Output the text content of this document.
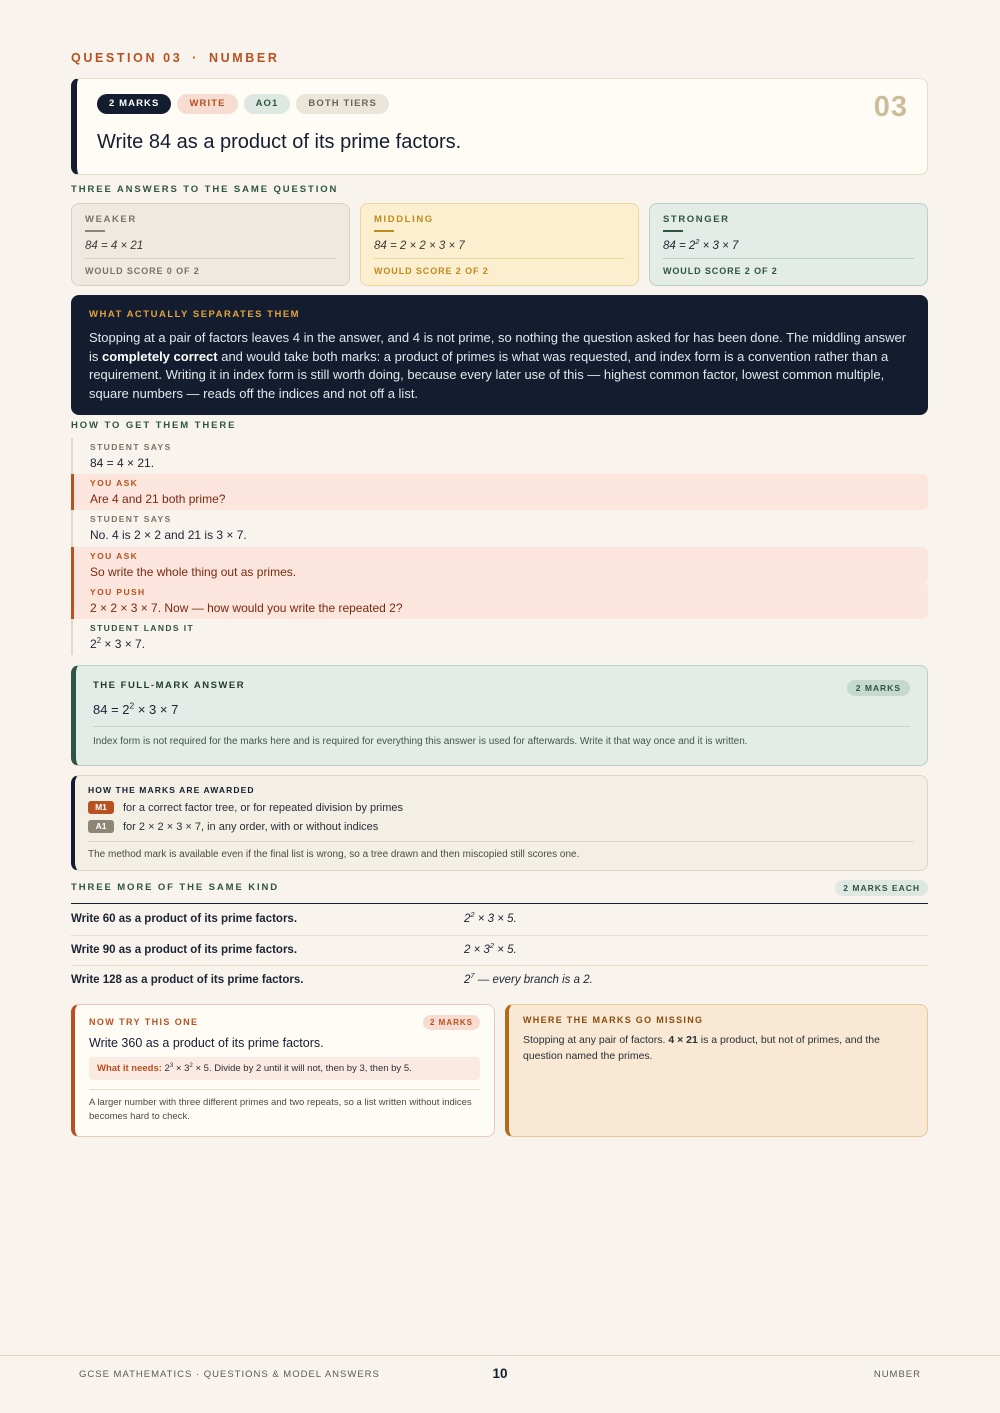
QUESTION 03 · NUMBER
2 MARKS	WRITE	AO1	BOTH TIERS
Write 84 as a product of its prime factors.
03
THREE ANSWERS TO THE SAME QUESTION
WEAKER
84 = 4 × 21
WOULD SCORE 0 OF 2
MIDDLING
84 = 2 × 2 × 3 × 7
WOULD SCORE 2 OF 2
STRONGER
$84 = 2^2 \times 3 \times 7$
WOULD SCORE 2 OF 2
WHAT ACTUALLY SEPARATES THEM
Stopping at a pair of factors leaves 4 in the answer, and 4 is not prime, so nothing the question asked for has been done. The middling answer is completely correct and would take both marks: a product of primes is what was requested, and index form is a convention rather than a requirement. Writing it in index form is still worth doing, because every later use of this — highest common factor, lowest common multiple, square numbers — reads off the indices and not off a list.
HOW TO GET THEM THERE
STUDENT SAYS
84 = 4 × 21.
YOU ASK
Are 4 and 21 both prime?
STUDENT SAYS
No. 4 is 2 × 2 and 21 is 3 × 7.
YOU ASK
So write the whole thing out as primes.
YOU PUSH
2 × 2 × 3 × 7. Now — how would you write the repeated 2?
STUDENT LANDS IT
$2^2 \times 3 \times 7$.
THE FULL-MARK ANSWER	2 MARKS
$84 = 2^2 \times 3 \times 7$
Index form is not required for the marks here and is required for everything this answer is used for afterwards. Write it that way once and it is written.
HOW THE MARKS ARE AWARDED
M1	for a correct factor tree, or for repeated division by primes
A1	for 2 × 2 × 3 × 7, in any order, with or without indices
The method mark is available even if the final list is wrong, so a tree drawn and then miscopied still scores one.
THREE MORE OF THE SAME KIND	2 MARKS EACH
Write 60 as a product of its prime factors.	$2^2 \times 3 \times 5$.
Write 90 as a product of its prime factors.	$2 \times 3^2 \times 5$.
Write 128 as a product of its prime factors.	$2^7$ — every branch is a 2.
NOW TRY THIS ONE	2 MARKS
Write 360 as a product of its prime factors.
What it needs: $2^3 \times 3^2 \times 5$. Divide by 2 until it will not, then by 3, then by 5.
A larger number with three different primes and two repeats, so a list written without indices becomes hard to check.
WHERE THE MARKS GO MISSING
Stopping at any pair of factors. 4 × 21 is a product, but not of primes, and the question named the primes.
GCSE MATHEMATICS · QUESTIONS & MODEL ANSWERS	10	NUMBER
